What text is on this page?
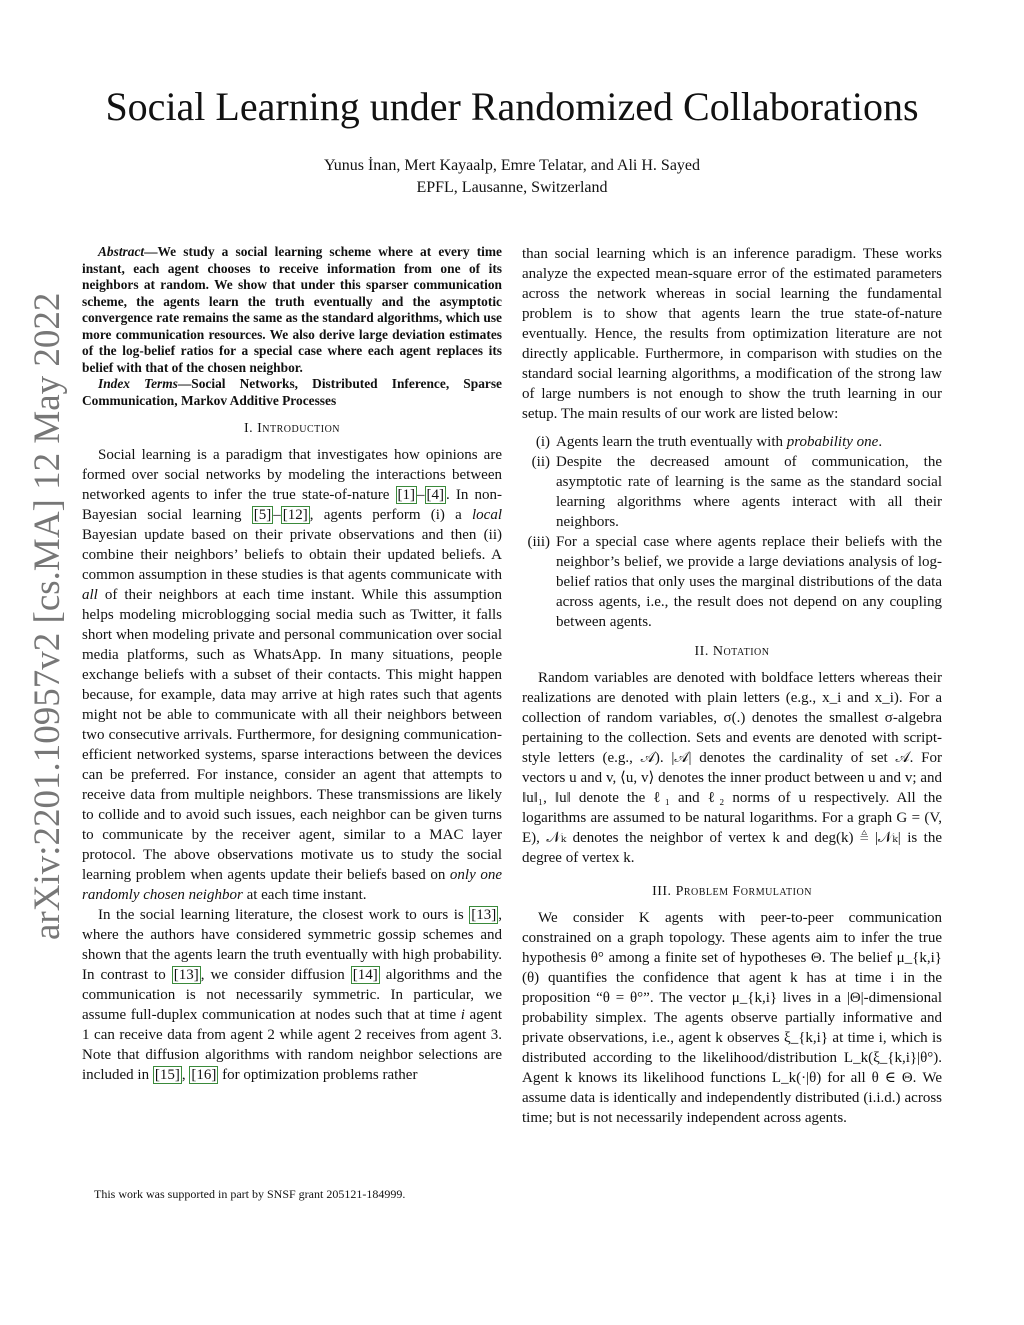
arXiv:2201.10957v2 [cs.MA] 12 May 2022
Social Learning under Randomized Collaborations
Yunus İnan, Mert Kayaalp, Emre Telatar, and Ali H. Sayed
EPFL, Lausanne, Switzerland

Abstract—We study a social learning scheme where at every time instant, each agent chooses to receive information from one of its neighbors at random. We show that under this sparser communication scheme, the agents learn the truth eventually and the asymptotic convergence rate remains the same as the standard algorithms, which use more communication resources. We also derive large deviation estimates of the log-belief ratios for a special case where each agent replaces its belief with that of the chosen neighbor.

Index Terms—Social Networks, Distributed Inference, Sparse Communication, Markov Additive Processes

I. Introduction

Social learning is a paradigm that investigates how opinions are formed over social networks by modeling the interactions between networked agents to infer the true state-of-nature [1] – [4] . In non-Bayesian social learning [5] – [12] , agents perform (i) a local Bayesian update based on their private observations and then (ii) combine their neighbors’ beliefs to obtain their updated beliefs. A common assumption in these studies is that agents communicate with all of their neighbors at each time instant. While this assumption helps modeling microblogging social media such as Twitter, it falls short when modeling private and personal communication over social media platforms, such as WhatsApp. In many situations, people exchange beliefs with a subset of their contacts. This might happen because, for example, data may arrive at high rates such that agents might not be able to communicate with all their neighbors between two consecutive arrivals. Furthermore, for designing communication-efficient networked systems, sparse interactions between the devices can be preferred. For instance, consider an agent that attempts to receive data from multiple neighbors. These transmissions are likely to collide and to avoid such issues, each neighbor can be given turns to communicate by the receiver agent, similar to a MAC layer protocol. The above observations motivate us to study the social learning problem when agents update their beliefs based on only one randomly chosen neighbor at each time instant.

In the social learning literature, the closest work to ours is [13] , where the authors have considered symmetric gossip schemes and shown that the agents learn the truth eventually with high probability. In contrast to [13] , we consider diffusion [14] algorithms and the communication is not necessarily symmetric. In particular, we assume full-duplex communication at nodes such that at time i agent 1 can receive data from agent 2 while agent 2 receives from agent 3. Note that diffusion algorithms with random neighbor selections are included in [15] , [16] for optimization problems rather

This work was supported in part by SNSF grant 205121-184999.

than social learning which is an inference paradigm. These works analyze the expected mean-square error of the estimated parameters across the network whereas in social learning the fundamental problem is to show that agents learn the true state-of-nature eventually. Hence, the results from optimization literature are not directly applicable. Furthermore, in comparison with studies on the standard social learning algorithms, a modification of the strong law of large numbers is not enough to show the truth learning in our setup. The main results of our work are listed below:

(i) Agents learn the truth eventually with probability one.
(ii) Despite the decreased amount of communication, the asymptotic rate of learning is the same as the standard social learning algorithms where agents interact with all their neighbors.
(iii) For a special case where agents replace their beliefs with the neighbor’s belief, we provide a large deviations analysis of log-belief ratios that only uses the marginal distributions of the data across agents, i.e., the result does not depend on any coupling between agents.
II. Notation

Random variables are denoted with boldface letters whereas their realizations are denoted with plain letters (e.g., x_i and x_i). For a collection of random variables, σ(.) denotes the smallest σ-algebra pertaining to the collection. Sets and events are denoted with script-style letters (e.g., 𝒜). |𝒜| denotes the cardinality of set 𝒜. For vectors u and v, ⟨u, v⟩ denotes the inner product between u and v; and ‖u‖₁, ‖u‖ denote the ℓ₁ and ℓ₂ norms of u respectively. All the logarithms are assumed to be natural logarithms. For a graph G = (V, E), 𝒩ₖ denotes the neighbor of vertex k and deg(k) ≜ |𝒩ₖ| is the degree of vertex k.

III. Problem Formulation

We consider K agents with peer-to-peer communication constrained on a graph topology. These agents aim to infer the true hypothesis θ° among a finite set of hypotheses Θ. The belief μ_{k,i}(θ) quantifies the confidence that agent k has at time i in the proposition “θ = θ°”. The vector μ_{k,i} lives in a |Θ|-dimensional probability simplex. The agents observe partially informative and private observations, i.e., agent k observes ξ_{k,i} at time i, which is distributed according to the likelihood/distribution L_k(ξ_{k,i}|θ°). Agent k knows its likelihood functions L_k(·|θ) for all θ ∈ Θ. We assume data is identically and independently distributed (i.i.d.) across time; but is not necessarily independent across agents.
